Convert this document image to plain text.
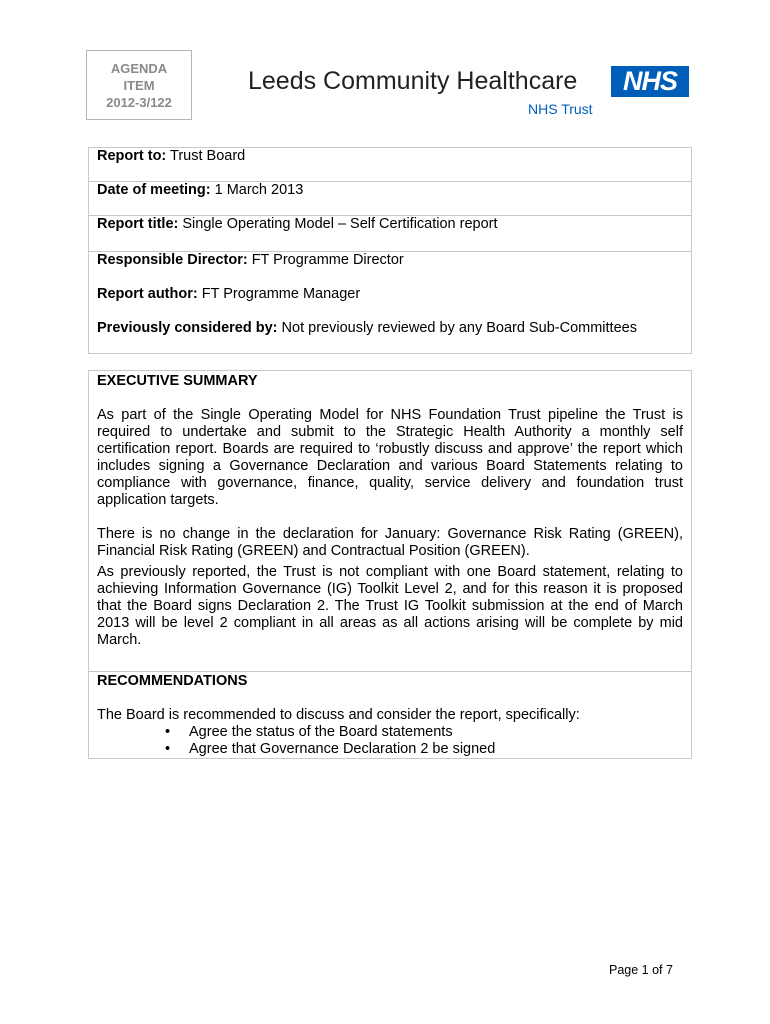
AGENDA
ITEM
2012-3/122
Leeds Community Healthcare	NHS
NHS Trust
Report to: Trust Board
Date of meeting: 1 March 2013
Report title: Single Operating Model – Self Certification report

Responsible Director: FT Programme Director

Report author: FT Programme Manager

Previously considered by: Not previously reviewed by any Board Sub-Committees

EXECUTIVE SUMMARY

As part of the Single Operating Model for NHS Foundation Trust pipeline the Trust is required to undertake and submit to the Strategic Health Authority a monthly self certification report. Boards are required to ‘robustly discuss and approve’ the report which includes signing a Governance Declaration and various Board Statements relating to compliance with governance, finance, quality, service delivery and foundation trust application targets.

There is no change in the declaration for January: Governance Risk Rating (GREEN), Financial Risk Rating (GREEN) and Contractual Position (GREEN).

As previously reported, the Trust is not compliant with one Board statement, relating to achieving Information Governance (IG) Toolkit Level 2, and for this reason it is proposed that the Board signs Declaration 2. The Trust IG Toolkit submission at the end of March 2013 will be level 2 compliant in all areas as all actions arising will be complete by mid March.

RECOMMENDATIONS

The Board is recommended to discuss and consider the report, specifically:

• Agree the status of the Board statements
• Agree that Governance Declaration 2 be signed
Page 1 of 7
